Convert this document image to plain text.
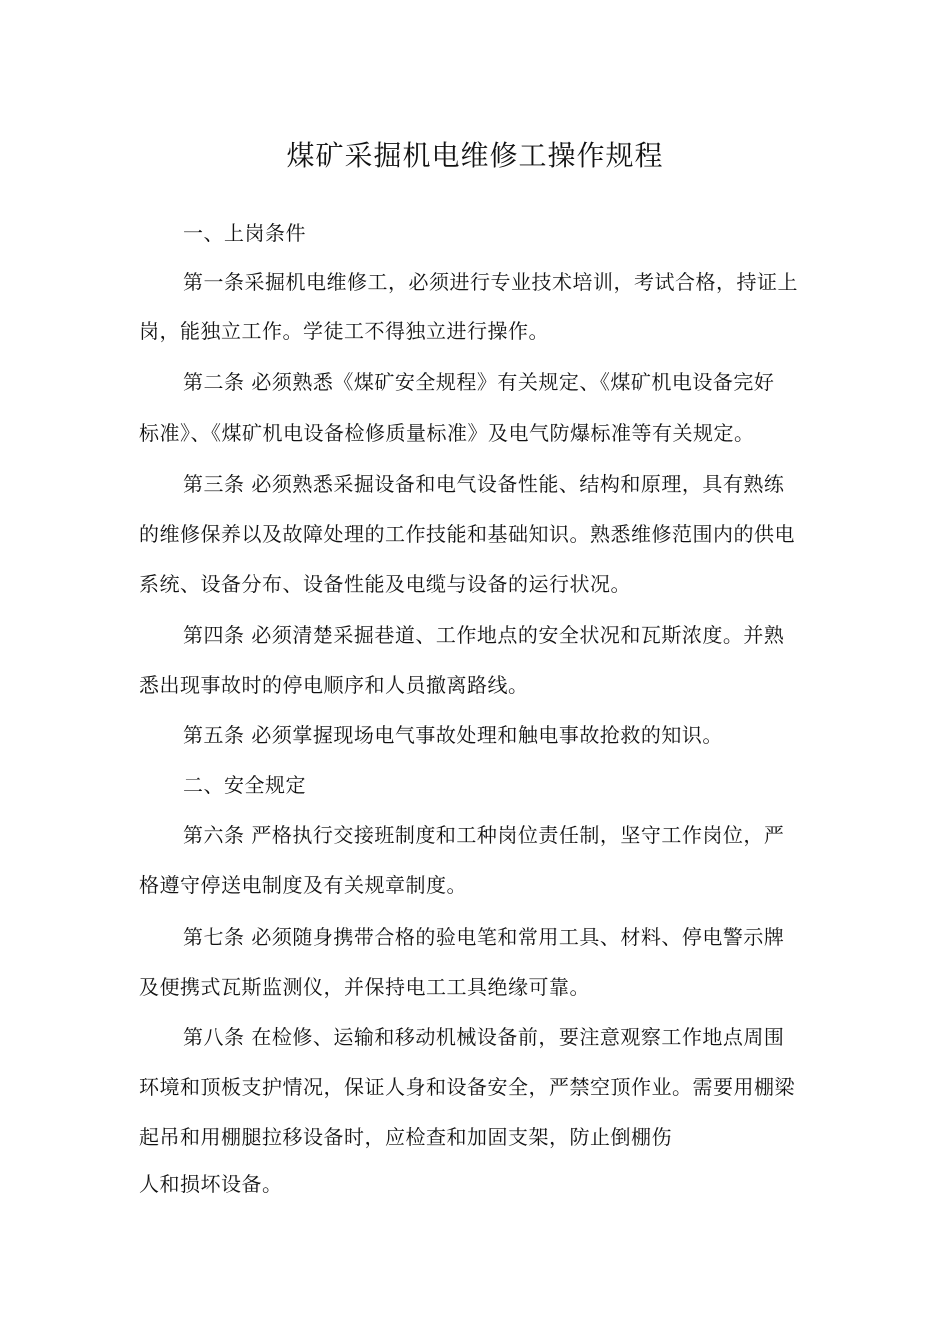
煤矿采掘机电维修工操作规程
一、上岗条件
第一条采掘机电维修工，必须进行专业技术培训，考试合格，持证上
岗，能独立工作。学徒工不得独立进行操作。
第二条 必须熟悉《煤矿安全规程》有关规定、《煤矿机电设备完好
标准》、《煤矿机电设备检修质量标准》及电气防爆标准等有关规定。
第三条 必须熟悉采掘设备和电气设备性能、结构和原理，具有熟练
的维修保养以及故障处理的工作技能和基础知识。熟悉维修范围内的供电
系统、设备分布、设备性能及电缆与设备的运行状况。
第四条 必须清楚采掘巷道、工作地点的安全状况和瓦斯浓度。并熟
悉出现事故时的停电顺序和人员撤离路线。
第五条 必须掌握现场电气事故处理和触电事故抢救的知识。
二、安全规定
第六条 严格执行交接班制度和工种岗位责任制，坚守工作岗位，严
格遵守停送电制度及有关规章制度。
第七条 必须随身携带合格的验电笔和常用工具、材料、停电警示牌
及便携式瓦斯监测仪，并保持电工工具绝缘可靠。
第八条 在检修、运输和移动机械设备前，要注意观察工作地点周围
环境和顶板支护情况，保证人身和设备安全，严禁空顶作业。需要用棚梁
起吊和用棚腿拉移设备时，应检查和加固支架，防止倒棚伤
人和损坏设备。
